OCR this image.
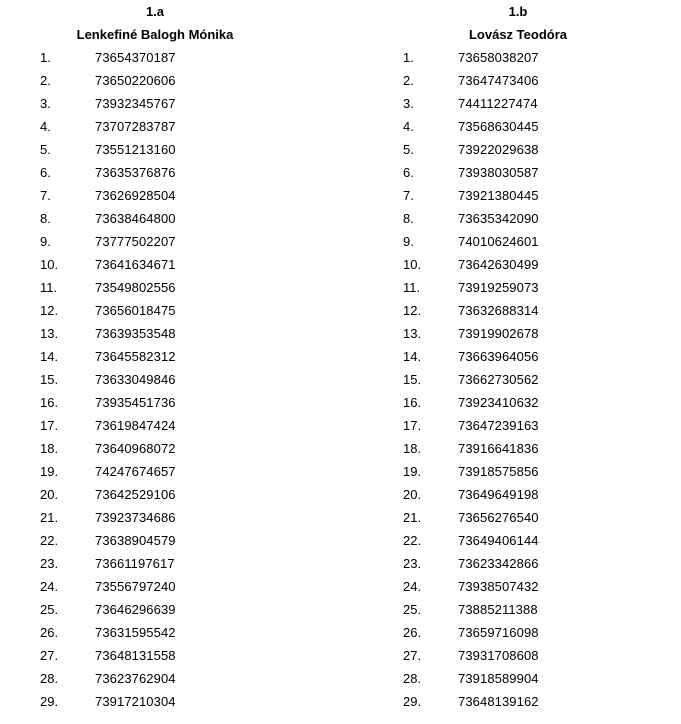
1.a
Lenkefiné Balogh Mónika
1.	73654370187
2.	73650220606
3.	73932345767
4.	73707283787
5.	73551213160
6.	73635376876
7.	73626928504
8.	73638464800
9.	73777502207
10.	73641634671
11.	73549802556
12.	73656018475
13.	73639353548
14.	73645582312
15.	73633049846
16.	73935451736
17.	73619847424
18.	73640968072
19.	74247674657
20.	73642529106
21.	73923734686
22.	73638904579
23.	73661197617
24.	73556797240
25.	73646296639
26.	73631595542
27.	73648131558
28.	73623762904
29.	73917210304
1.b
Lovász Teodóra
1.	73658038207
2.	73647473406
3.	74411227474
4.	73568630445
5.	73922029638
6.	73938030587
7.	73921380445
8.	73635342090
9.	74010624601
10.	73642630499
11.	73919259073
12.	73632688314
13.	73919902678
14.	73663964056
15.	73662730562
16.	73923410632
17.	73647239163
18.	73916641836
19.	73918575856
20.	73649649198
21.	73656276540
22.	73649406144
23.	73623342866
24.	73938507432
25.	73885211388
26.	73659716098
27.	73931708608
28.	73918589904
29.	73648139162
